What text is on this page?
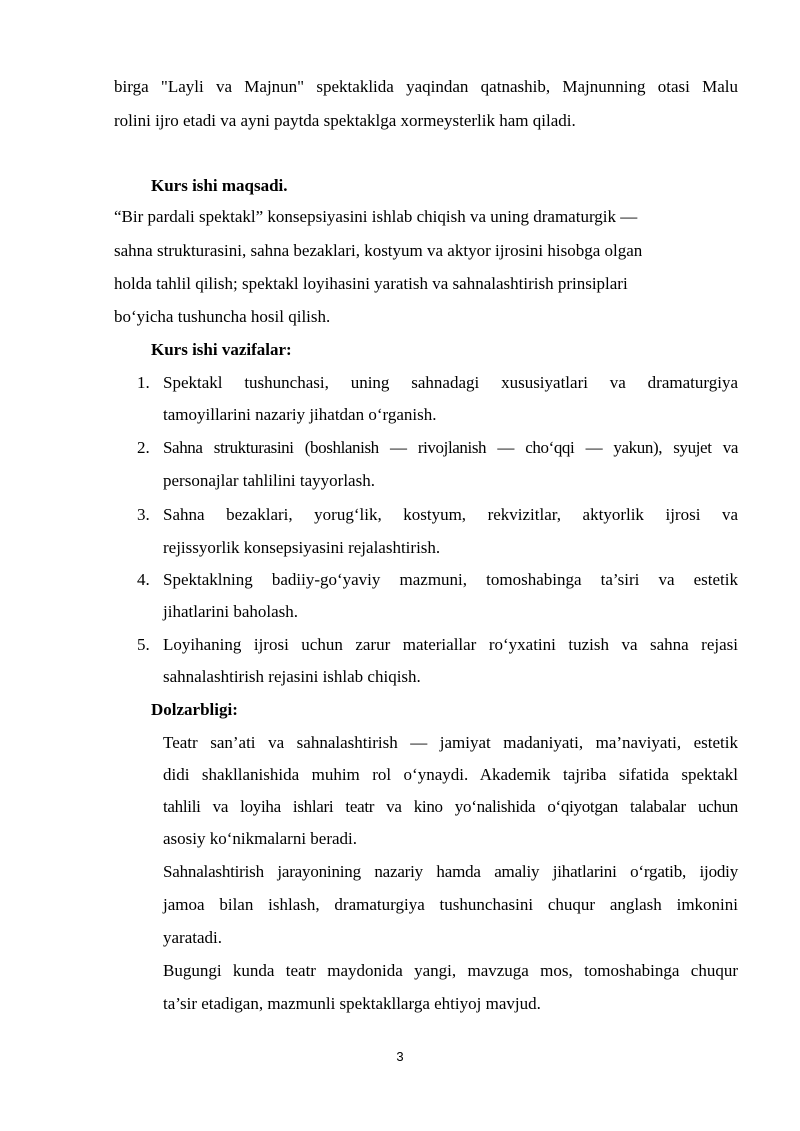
birga "Layli va Majnun" spektaklida yaqindan qatnashib, Majnunning otasi Malu
rolini ijro etadi va ayni paytda spektaklga xormeysterlik ham qiladi.
Kurs ishi maqsadi.
“Bir pardali spektakl” konsepsiyasini ishlab chiqish va uning dramaturgik —
sahna strukturasini, sahna bezaklari, kostyum va aktyor ijrosini hisobga olgan
holda tahlil qilish; spektakl loyihasini yaratish va sahnalashtirish prinsiplari
bo‘yicha tushuncha hosil qilish.
Kurs ishi vazifalar:
1. Spektakl tushunchasi, uning sahnadagi xususiyatlari va dramaturgiya
tamoyillarini nazariy jihatdan o‘rganish.
2. Sahna strukturasini (boshlanish — rivojlanish — cho‘qqi — yakun), syujet va
personajlar tahlilini tayyorlash.
3. Sahna bezaklari, yorug‘lik, kostyum, rekvizitlar, aktyorlik ijrosi va
rejissyorlik konsepsiyasini rejalashtirish.
4. Spektaklning badiiy-go‘yaviy mazmuni, tomoshabinga ta’siri va estetik
jihatlarini baholash.
5. Loyihaning ijrosi uchun zarur materiallar ro‘yxatini tuzish va sahna rejasi
sahnalashtirish rejasini ishlab chiqish.
Dolzarbligi:
Teatr san’ati va sahnalashtirish — jamiyat madaniyati, ma’naviyati, estetik
didi shakllanishida muhim rol o‘ynaydi. Akademik tajriba sifatida spektakl
tahlili va loyiha ishlari teatr va kino yo‘nalishida o‘qiyotgan talabalar uchun
asosiy ko‘nikmalarni beradi.
Sahnalashtirish jarayonining nazariy hamda amaliy jihatlarini o‘rgatib, ijodiy
jamoa bilan ishlash, dramaturgiya tushunchasini chuqur anglash imkonini
yaratadi.
Bugungi kunda teatr maydonida yangi, mavzuga mos, tomoshabinga chuqur
ta’sir etadigan, mazmunli spektakllarga ehtiyoj mavjud.
3
